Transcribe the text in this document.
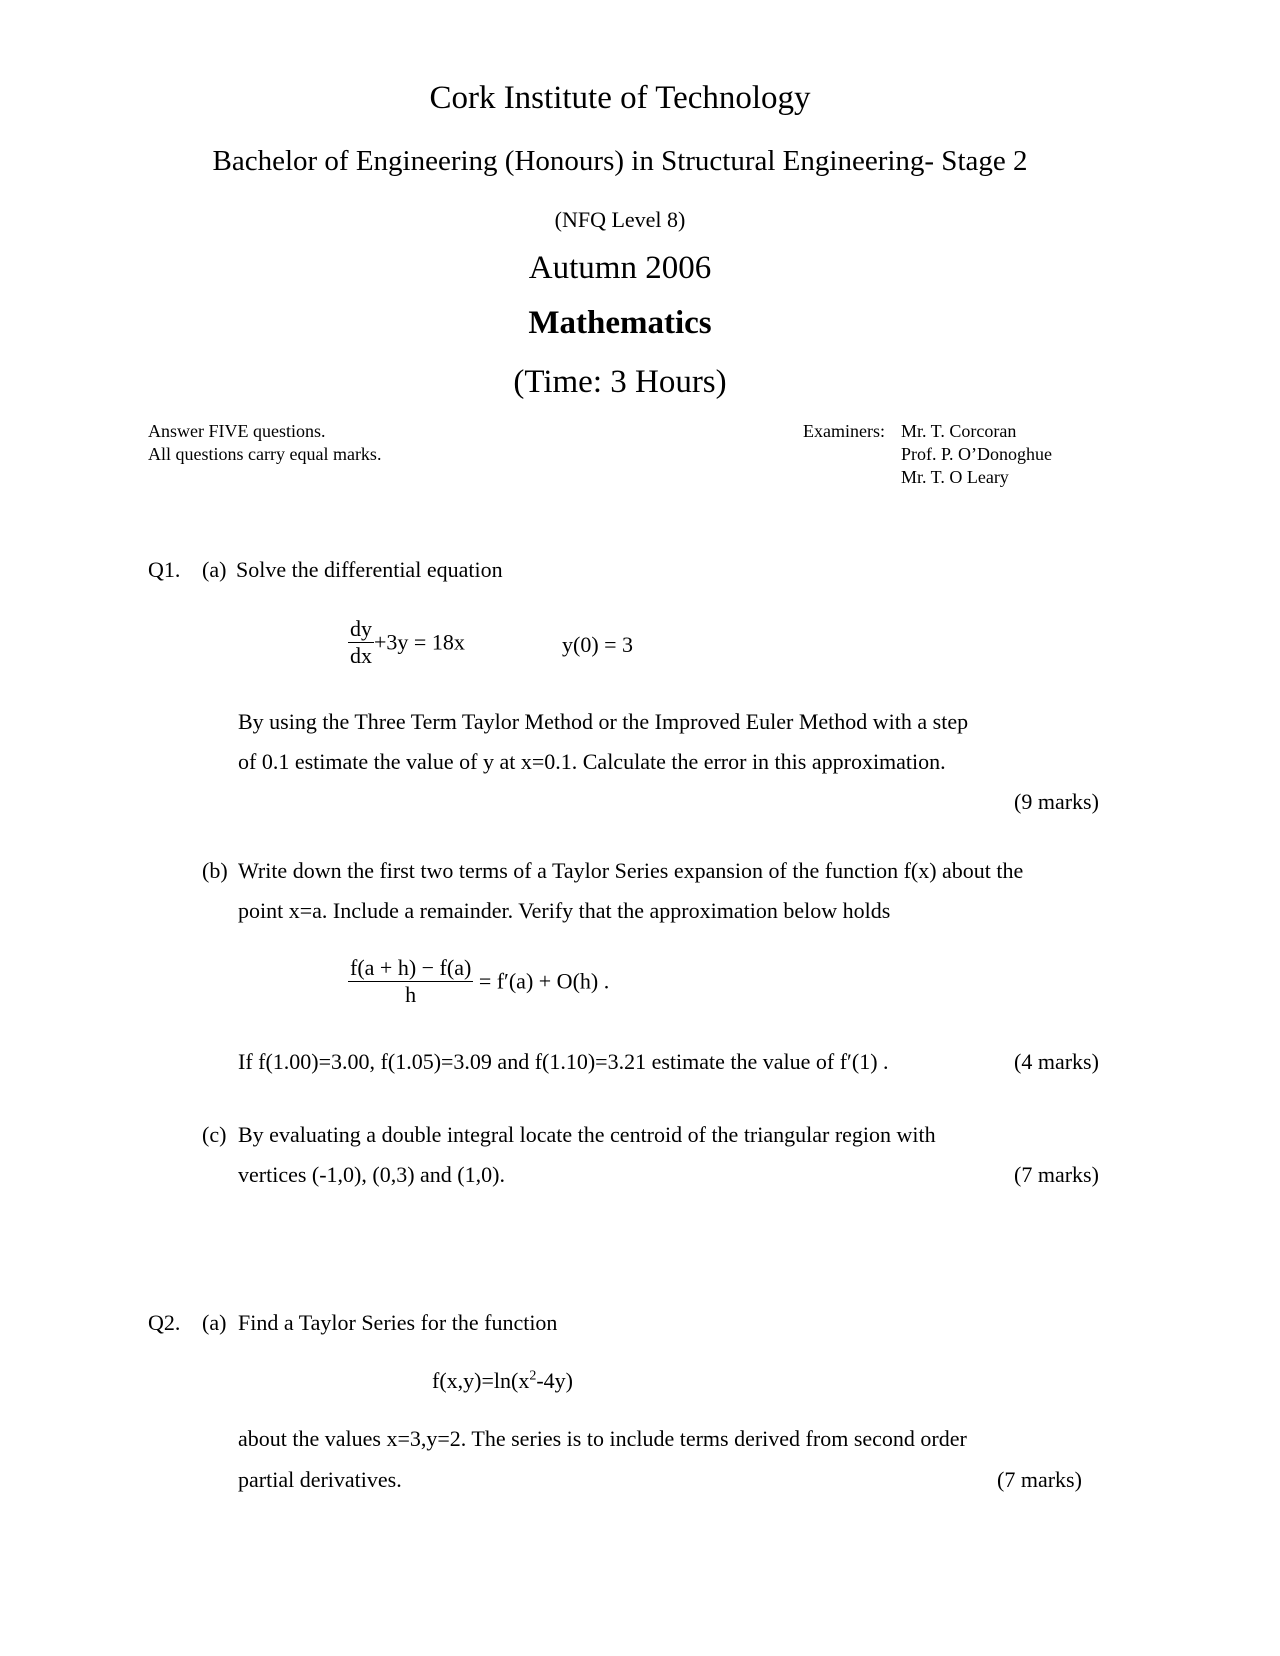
Cork Institute of Technology
Bachelor of Engineering (Honours) in Structural Engineering- Stage 2
(NFQ Level 8)
Autumn 2006
Mathematics
(Time: 3 Hours)
Answer FIVE questions.
All questions carry equal marks.
Examiners: Mr. T. Corcoran
Prof. P. O’Donoghue
Mr. T. O Leary
Q1. (a) Solve the differential equation
$\frac{dy}{dx} +3y = 18x$	y(0) = 3
By using the Three Term Taylor Method or the Improved Euler Method with a step
of 0.1 estimate the value of y at x=0.1. Calculate the error in this approximation.
(9 marks)
(b) Write down the first two terms of a Taylor Series expansion of the function f(x) about the
point x=a. Include a remainder. Verify that the approximation below holds
$\frac{f(a + h) - f(a)}{h} = f'(a) + O(h)$ .
If f(1.00)=3.00, f(1.05)=3.09 and f(1.10)=3.21 estimate the value of f′(1) .	(4 marks)
(c) By evaluating a double integral locate the centroid of the triangular region with
vertices (-1,0), (0,3) and (1,0).	(7 marks)
Q2. (a) Find a Taylor Series for the function
$f(x,y)=\ln(x^2-4y)$
about the values x=3,y=2. The series is to include terms derived from second order
partial derivatives.	(7 marks)
